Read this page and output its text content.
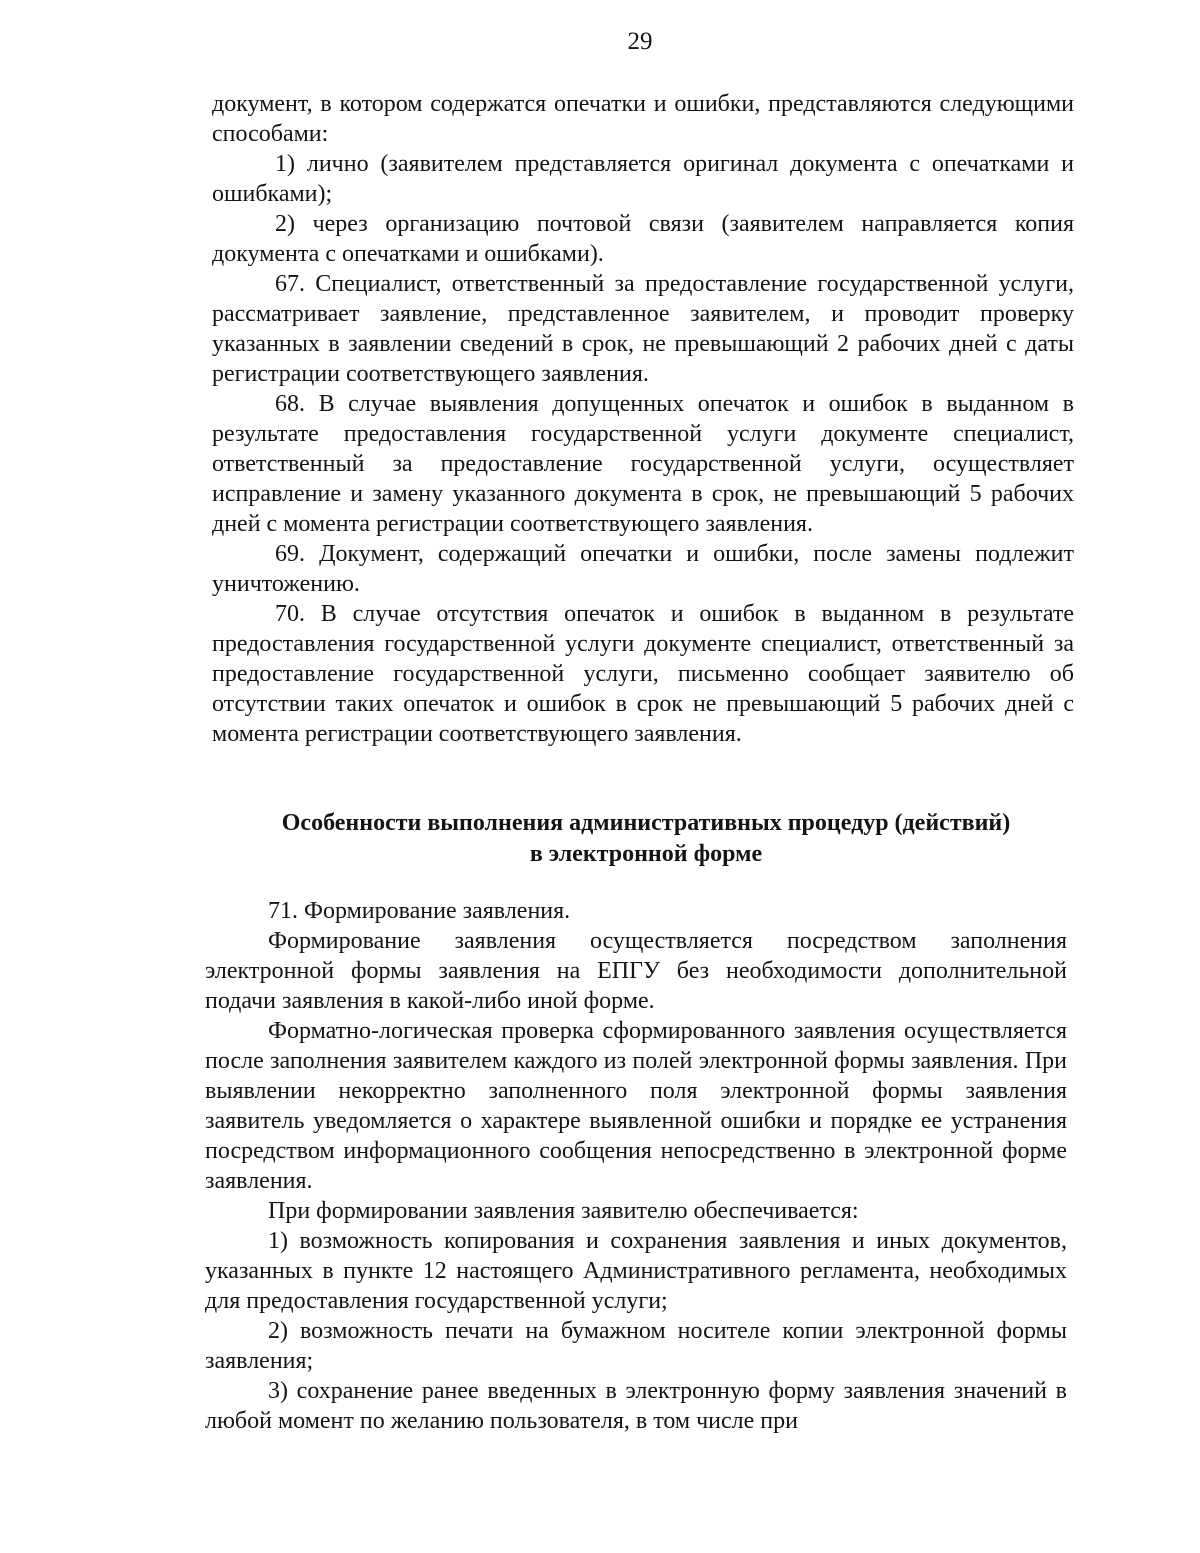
29

документ, в котором содержатся опечатки и ошибки, представляются следующими способами:

1) лично (заявителем представляется оригинал документа с опечатками и ошибками);

2) через организацию почтовой связи (заявителем направляется копия документа с опечатками и ошибками).

67. Специалист, ответственный за предоставление государственной услуги, рассматривает заявление, представленное заявителем, и проводит проверку указанных в заявлении сведений в срок, не превышающий 2 рабочих дней с даты регистрации соответствующего заявления.

68. В случае выявления допущенных опечаток и ошибок в выданном в результате предоставления государственной услуги документе специалист, ответственный за предоставление государственной услуги, осуществляет исправление и замену указанного документа в срок, не превышающий 5 рабочих дней с момента регистрации соответствующего заявления.

69. Документ, содержащий опечатки и ошибки, после замены подлежит уничтожению.

70. В случае отсутствия опечаток и ошибок в выданном в результате предоставления государственной услуги документе специалист, ответственный за предоставление государственной услуги, письменно сообщает заявителю об отсутствии таких опечаток и ошибок в срок не превышающий 5 рабочих дней с момента регистрации соответствующего заявления.

Особенности выполнения административных процедур (действий)
в электронной форме

71. Формирование заявления.

Формирование заявления осуществляется посредством заполнения электронной формы заявления на ЕПГУ без необходимости дополнительной подачи заявления в какой-либо иной форме.

Форматно-логическая проверка сформированного заявления осуществляется после заполнения заявителем каждого из полей электронной формы заявления. При выявлении некорректно заполненного поля электронной формы заявления заявитель уведомляется о характере выявленной ошибки и порядке ее устранения посредством информационного сообщения непосредственно в электронной форме заявления.

При формировании заявления заявителю обеспечивается:

1) возможность копирования и сохранения заявления и иных документов, указанных в пункте 12 настоящего Административного регламента, необходимых для предоставления государственной услуги;

2) возможность печати на бумажном носителе копии электронной формы заявления;

3) сохранение ранее введенных в электронную форму заявления значений в любой момент по желанию пользователя, в том числе при
